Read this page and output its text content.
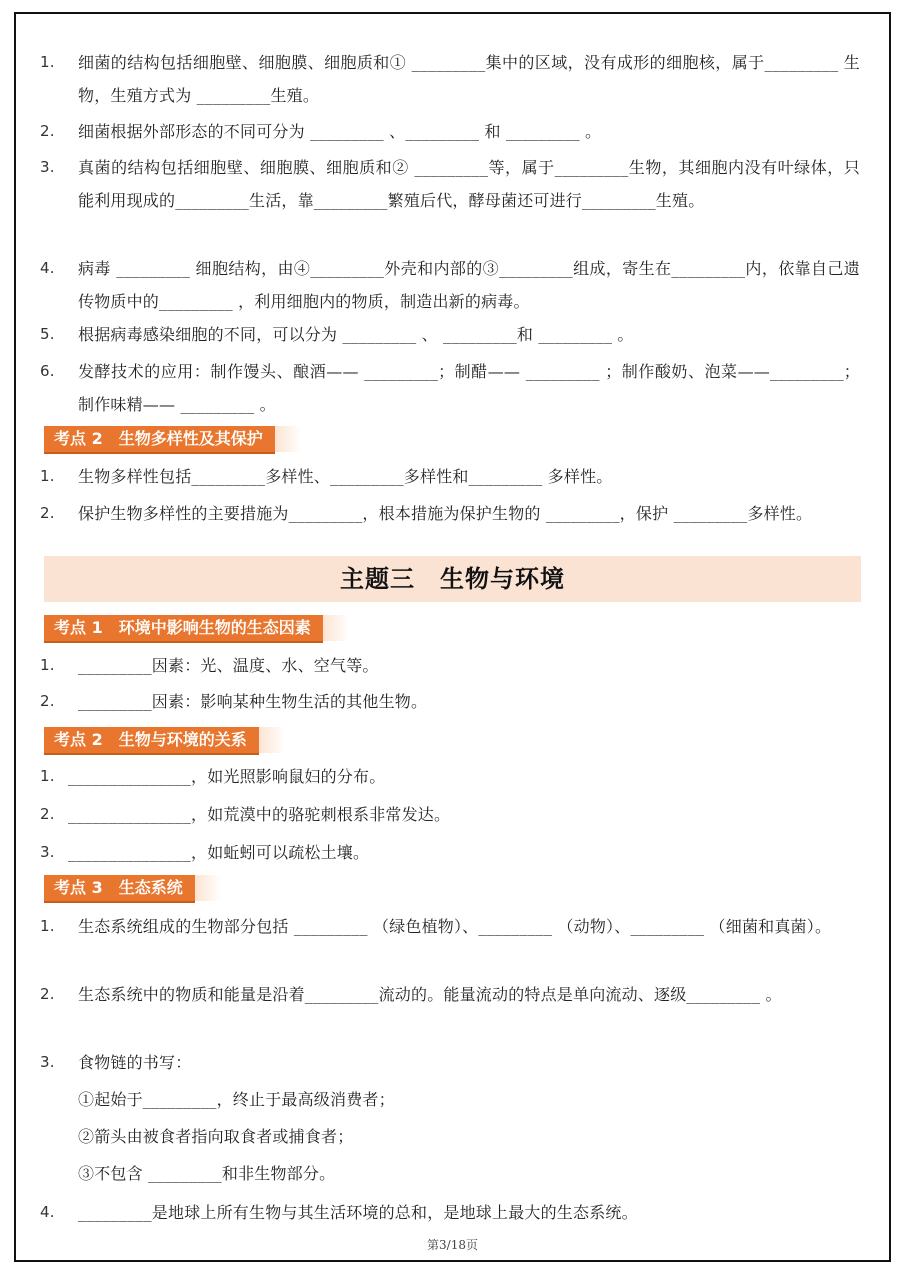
1.	细菌的结构包括细胞壁、细胞膜、细胞质和① _________集中的区域，没有成形的细胞核，属于_________ 生物，生殖方式为 _________生殖。
2.	细菌根据外部形态的不同可分为 _________ 、_________ 和 _________ 。
3.	真菌的结构包括细胞壁、细胞膜、细胞质和② _________等，属于_________生物，其细胞内没有叶绿体，只能利用现成的_________生活，靠_________繁殖后代，酵母菌还可进行_________生殖。
4.	病毒 _________ 细胞结构，由④_________外壳和内部的③_________组成，寄生在_________内，依靠自己遗传物质中的_________ ，利用细胞内的物质，制造出新的病毒。
5.	根据病毒感染细胞的不同，可以分为 _________ 、 _________和 _________ 。
6.	发酵技术的应用：制作馒头、酿酒—— _________；制醋—— _________ ；制作酸奶、泡菜——_________；制作味精—— _________ 。
考点 2　生物多样性及其保护
1.	生物多样性包括_________多样性、_________多样性和_________ 多样性。
2.	保护生物多样性的主要措施为_________，根本措施为保护生物的 _________，保护 _________多样性。
主题三　生物与环境
考点 1　环境中影响生物的生态因素
1.	_________因素：光、温度、水、空气等。
2.	_________因素：影响某种生物生活的其他生物。
考点 2　生物与环境的关系
1. _______________，如光照影响鼠妇的分布。
2. _______________，如荒漠中的骆驼刺根系非常发达。
3. _______________，如蚯蚓可以疏松土壤。
考点 3　生态系统
1.	生态系统组成的生物部分包括 _________ （绿色植物）、_________ （动物）、_________ （细菌和真菌）。
2.	生态系统中的物质和能量是沿着_________流动的。能量流动的特点是单向流动、逐级_________ 。
3.	食物链的书写：
①起始于_________，终止于最高级消费者；
②箭头由被食者指向取食者或捕食者；
③不包含 _________和非生物部分。
4.	_________是地球上所有生物与其生活环境的总和，是地球上最大的生态系统。
第3/18页
